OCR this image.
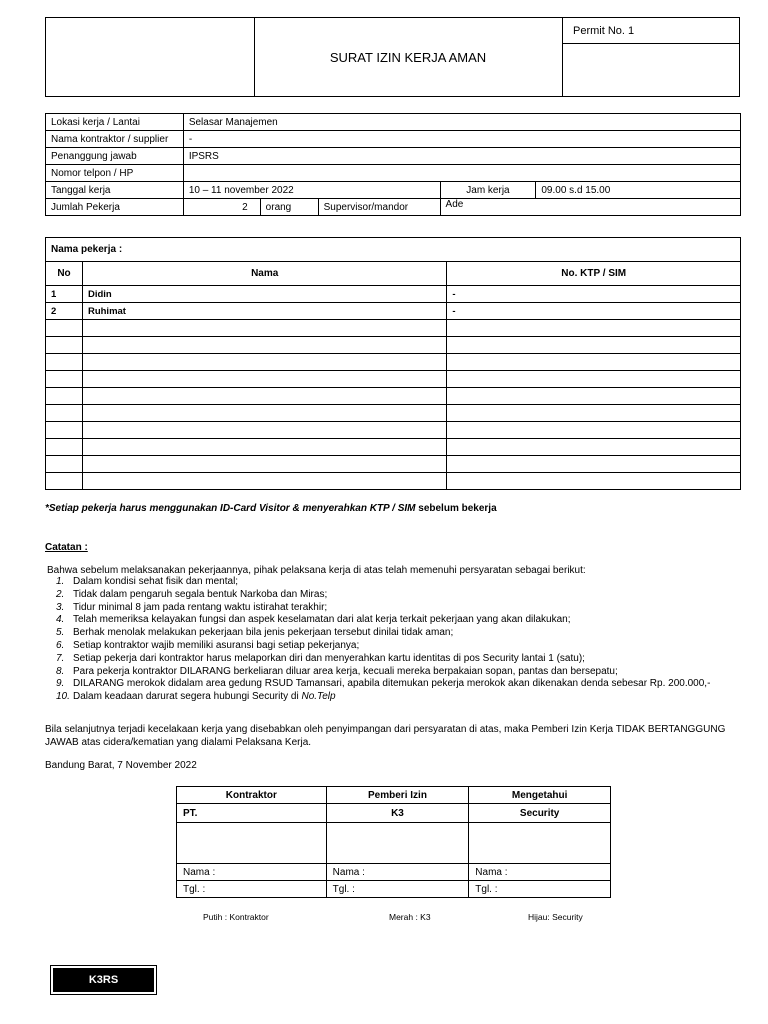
SURAT IZIN KERJA AMAN
Permit No. 1
Lokasi kerja / Lantai	Selasar Manajemen				
Nama kontraktor / supplier	-				
Penanggung jawab	IPSRS				
Nomor telpon / HP					
Tanggal kerja	10 – 11 november 2022			Jam kerja	09.00 s.d 15.00
Jumlah Pekerja	2	orang	Supervisor/mandor	Ade	
Nama pekerja :		
No	Nama	No. KTP / SIM
1	Didin	-
2	Ruhimat	-

*Setiap pekerja harus menggunakan ID-Card Visitor & menyerahkan KTP / SIM sebelum bekerja
Catatan :
Bahwa sebelum melaksanakan pekerjaannya, pihak pelaksana kerja di atas telah memenuhi persyaratan sebagai berikut:
1. Dalam kondisi sehat fisik dan mental;
2. Tidak dalam pengaruh segala bentuk Narkoba dan Miras;
3. Tidur minimal 8 jam pada rentang waktu istirahat terakhir;
4. Telah memeriksa kelayakan fungsi dan aspek keselamatan dari alat kerja terkait pekerjaan yang akan dilakukan;
5. Berhak menolak melakukan pekerjaan bila jenis pekerjaan tersebut dinilai tidak aman;
6. Setiap kontraktor wajib memiliki asuransi bagi setiap pekerjanya;
7. Setiap pekerja dari kontraktor harus melaporkan diri dan menyerahkan kartu identitas di pos Security lantai 1 (satu);
8. Para pekerja kontraktor DILARANG berkeliaran diluar area kerja, kecuali mereka berpakaian sopan, pantas dan bersepatu;
9. DILARANG merokok didalam area gedung RSUD Tamansari, apabila ditemukan pekerja merokok akan dikenakan denda sebesar Rp. 200.000,-
10. Dalam keadaan darurat segera hubungi Security di No.Telp
Bila selanjutnya terjadi kecelakaan kerja yang disebabkan oleh penyimpangan dari persyaratan di atas, maka Pemberi Izin Kerja TIDAK BERTANGGUNG JAWAB atas cidera/kematian yang dialami Pelaksana Kerja.
Bandung Barat, 7 November 2022
Kontraktor	Pemberi Izin	Mengetahui
PT.	K3	Security

Nama :	Nama :	Nama :
Tgl. :	Tgl. :	Tgl. :
Putih : Kontraktor	Merah : K3	Hijau: Security
K3RS
